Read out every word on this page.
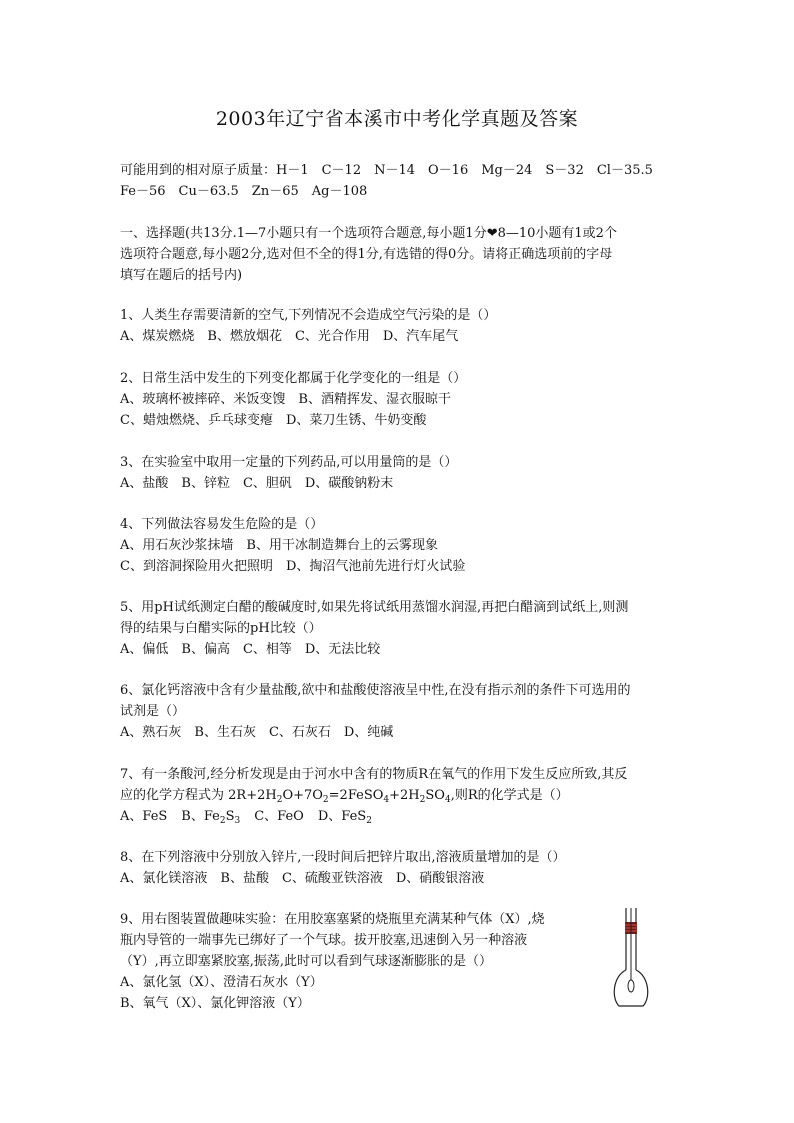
2003年辽宁省本溪市中考化学真题及答案
可能用到的相对原子质量：H－1　C－12　N－14　O－16　Mg－24　S－32　Cl－35.5
Fe－56　Cu－63.5　Zn－65　Ag－108
一、选择题(共13分.1—7小题只有一个选项符合题意,每小题1分❤8—10小题有1或2个
选项符合题意,每小题2分,选对但不全的得1分,有选错的得0分。请将正确选项前的字母
填写在题后的括号内)
1、人类生存需要清新的空气,下列情况不会造成空气污染的是（）
A、煤炭燃烧　B、燃放烟花　C、光合作用　D、汽车尾气
2、日常生活中发生的下列变化都属于化学变化的一组是（）
A、玻璃杯被摔碎、米饭变馊　B、酒精挥发、湿衣服晾干
C、蜡烛燃烧、乒乓球变瘪　D、菜刀生锈、牛奶变酸
3、在实验室中取用一定量的下列药品,可以用量筒的是（）
A、盐酸　B、锌粒　C、胆矾　D、碳酸钠粉末
4、下列做法容易发生危险的是（）
A、用石灰沙浆抹墙　B、用干冰制造舞台上的云雾现象
C、到溶洞探险用火把照明　D、掏沼气池前先进行灯火试验
5、用pH试纸测定白醋的酸碱度时,如果先将试纸用蒸馏水润湿,再把白醋滴到试纸上,则测
得的结果与白醋实际的pH比较（）
A、偏低　B、偏高　C、相等　D、无法比较
6、氯化钙溶液中含有少量盐酸,欲中和盐酸使溶液呈中性,在没有指示剂的条件下可选用的
试剂是（）
A、熟石灰　B、生石灰　C、石灰石　D、纯碱
7、有一条酸河,经分析发现是由于河水中含有的物质R在氧气的作用下发生反应所致,其反
应的化学方程式为 $2R+2H_2O+7O_2=2FeSO_4+2H_2SO_4$,则R的化学式是（）
A、FeS B、$Fe_2S_3$ C、FeO D、FeS$_2$
8、在下列溶液中分别放入锌片,一段时间后把锌片取出,溶液质量增加的是（）
A、氯化镁溶液　B、盐酸　C、硫酸亚铁溶液　D、硝酸银溶液
9、用右图装置做趣味实验：在用胶塞塞紧的烧瓶里充满某种气体（X）,烧
瓶内导管的一端事先已绑好了一个气球。拔开胶塞,迅速倒入另一种溶液
（Y）,再立即塞紧胶塞,振荡,此时可以看到气球逐渐膨胀的是（）
A、氯化氢（X）、澄清石灰水（Y）
B、氧气（X）、氯化钾溶液（Y）
